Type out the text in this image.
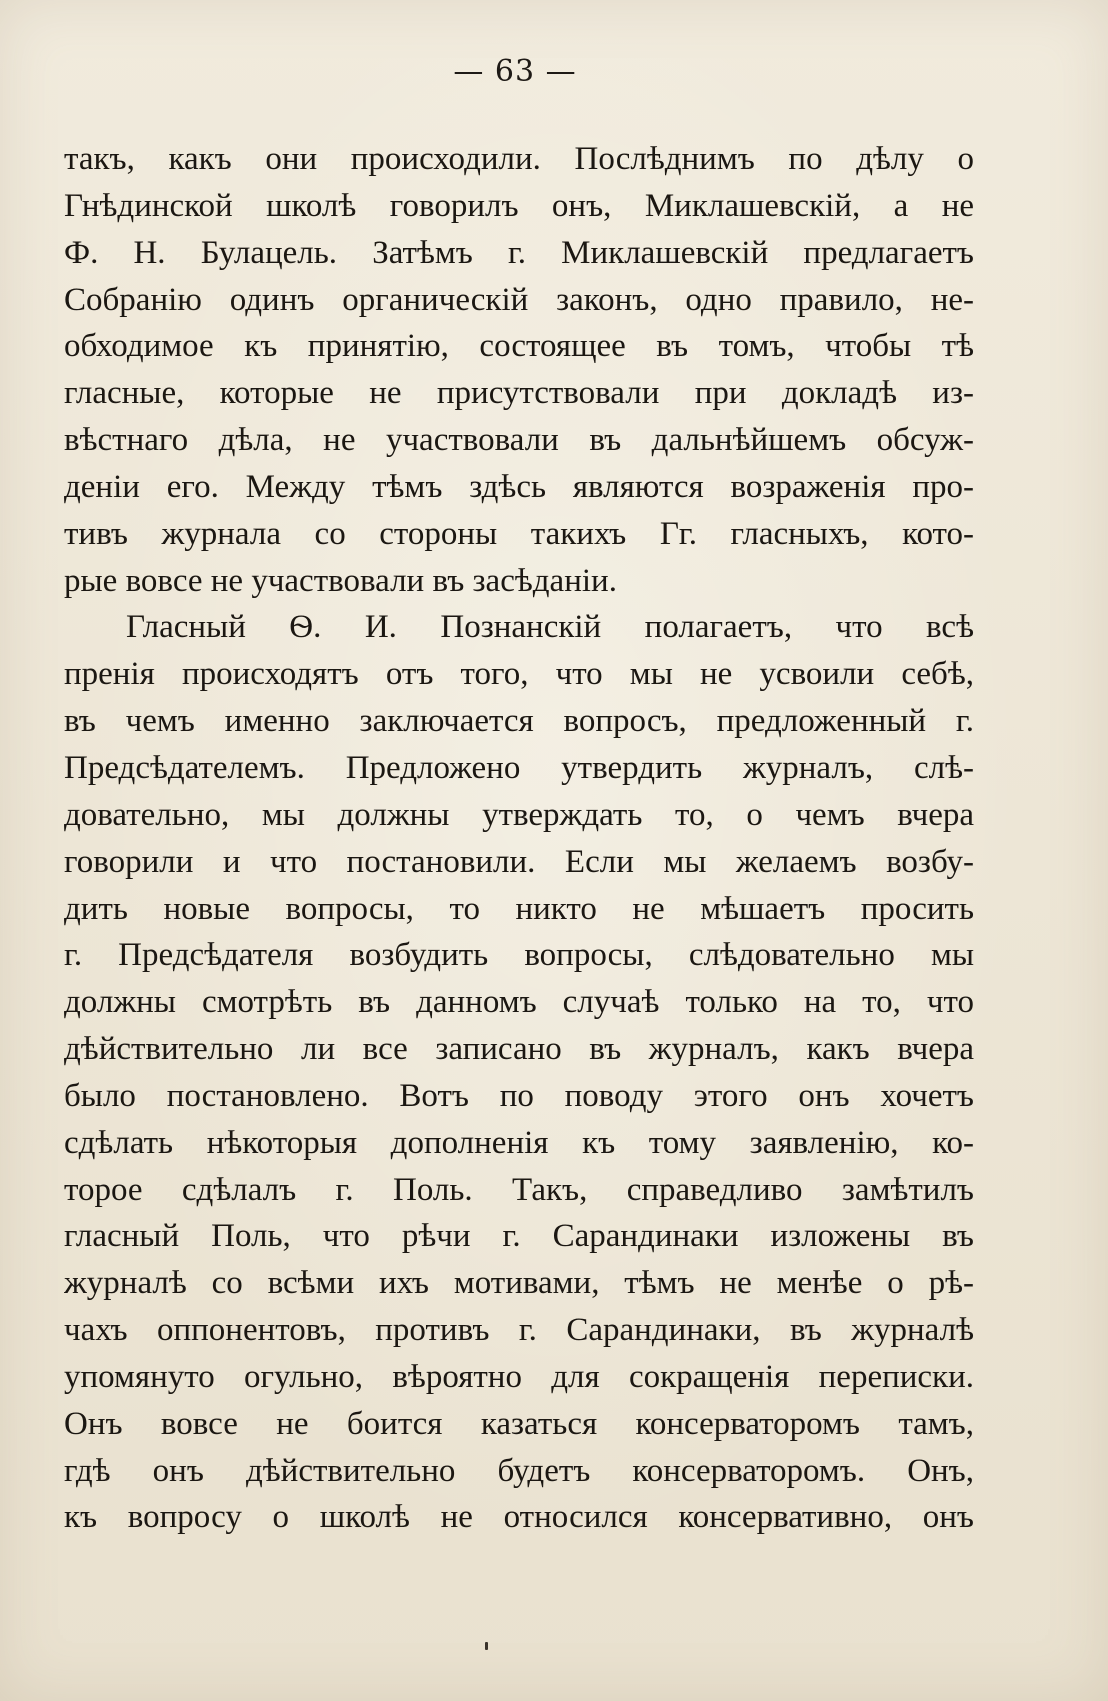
— 63 —
такъ, какъ они происходили. Послѣднимъ по дѣлу о
Гнѣдинской школѣ говорилъ онъ, Миклашевскій, а не
Ф. Н. Булацель. Затѣмъ г. Миклашевскій предлагаетъ
Собранію одинъ органическій законъ, одно правило, не-
обходимое къ принятію, состоящее въ томъ, чтобы тѣ
гласные, которые не присутствовали при докладѣ из-
вѣстнаго дѣла, не участвовали въ дальнѣйшемъ обсуж-
деніи его. Между тѣмъ здѣсь являются возраженія про-
тивъ журнала со стороны такихъ Гг. гласныхъ, кото-
рые вовсе не участвовали въ засѣданіи.
Гласный Ѳ. И. Познанскій полагаетъ, что всѣ
пренія происходятъ отъ того, что мы не усвоили себѣ,
въ чемъ именно заключается вопросъ, предложенный г.
Предсѣдателемъ. Предложено утвердить журналъ, слѣ-
довательно, мы должны утверждать то, о чемъ вчера
говорили и что постановили. Если мы желаемъ возбу-
дить новые вопросы, то никто не мѣшаетъ просить
г. Предсѣдателя возбудить вопросы, слѣдовательно мы
должны смотрѣть въ данномъ случаѣ только на то, что
дѣйствительно ли все записано въ журналъ, какъ вчера
было постановлено. Вотъ по поводу этого онъ хочетъ
сдѣлать нѣкоторыя дополненія къ тому заявленію, ко-
торое сдѣлалъ г. Поль. Такъ, справедливо замѣтилъ
гласный Поль, что рѣчи г. Сарандинаки изложены въ
журналѣ со всѣми ихъ мотивами, тѣмъ не менѣе о рѣ-
чахъ оппонентовъ, противъ г. Сарандинаки, въ журналѣ
упомянуто огульно, вѣроятно для сокращенія переписки.
Онъ вовсе не боится казаться консерваторомъ тамъ,
гдѣ онъ дѣйствительно будетъ консерваторомъ. Онъ,
къ вопросу о школѣ не относился консервативно, онъ
